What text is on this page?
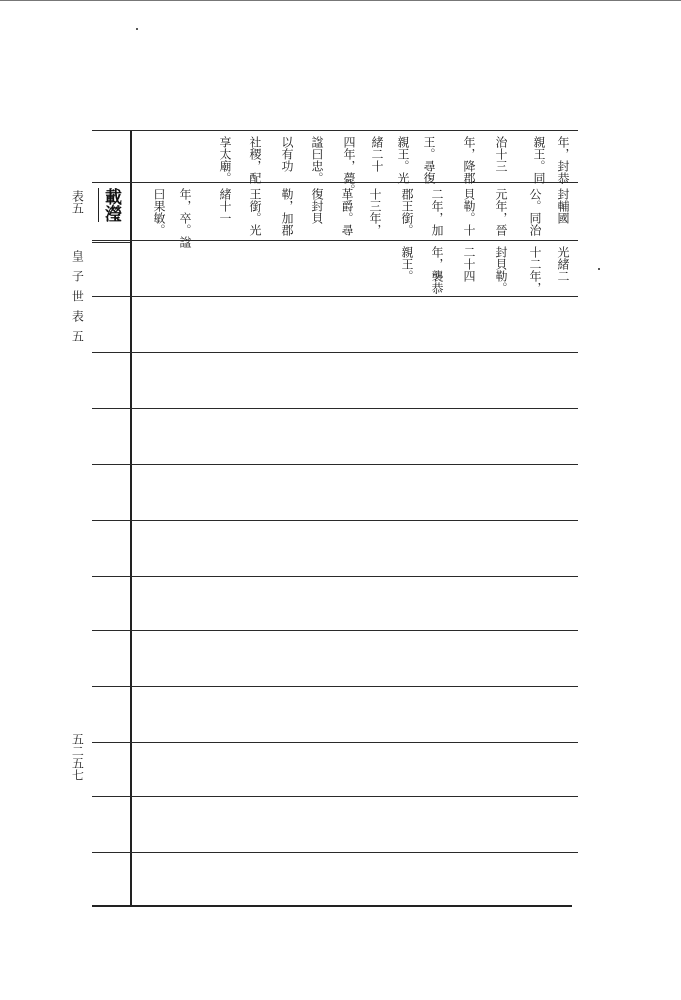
表五
皇子世表五
年，封恭
親王。同
治十三
年，降郡
王。尋復
親王。光
緒二十
四年，薨。
諡曰忠。
以有功
社稷，配
享太廟。
封輔國
公。同治
元年，晉
貝勒。十
二年，加
郡王銜。
十三年，
革爵。尋
復封貝
勒，加郡
王銜。光
緒十一
年，卒。諡
曰果敏。
載瀅
光緒二
十二年，
封貝勒。
二十四
年，襲恭
親王。
五二五七
